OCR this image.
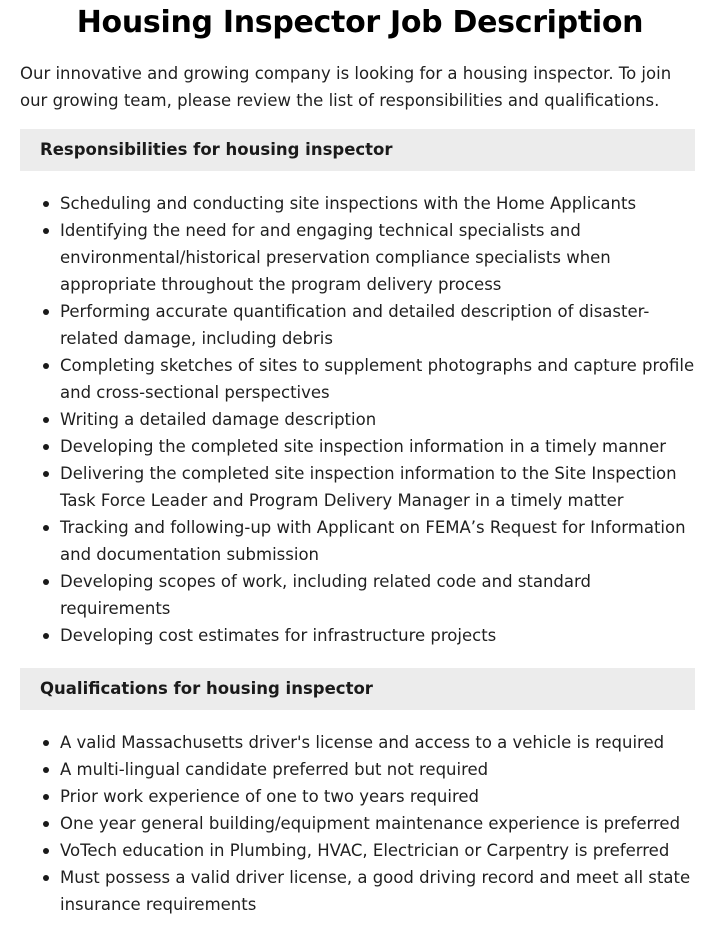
Housing Inspector Job Description

Our innovative and growing company is looking for a housing inspector. To join our growing team, please review the list of responsibilities and qualifications.

Responsibilities for housing inspector
Scheduling and conducting site inspections with the Home Applicants
Identifying the need for and engaging technical specialists and environmental/historical preservation compliance specialists when appropriate throughout the program delivery process
Performing accurate quantification and detailed description of disaster-related damage, including debris
Completing sketches of sites to supplement photographs and capture profile and cross-sectional perspectives
Writing a detailed damage description
Developing the completed site inspection information in a timely manner
Delivering the completed site inspection information to the Site Inspection Task Force Leader and Program Delivery Manager in a timely matter
Tracking and following-up with Applicant on FEMA’s Request for Information and documentation submission
Developing scopes of work, including related code and standard requirements
Developing cost estimates for infrastructure projects
Qualifications for housing inspector
A valid Massachusetts driver's license and access to a vehicle is required
A multi-lingual candidate preferred but not required
Prior work experience of one to two years required
One year general building/equipment maintenance experience is preferred
VoTech education in Plumbing, HVAC, Electrician or Carpentry is preferred
Must possess a valid driver license, a good driving record and meet all state insurance requirements
